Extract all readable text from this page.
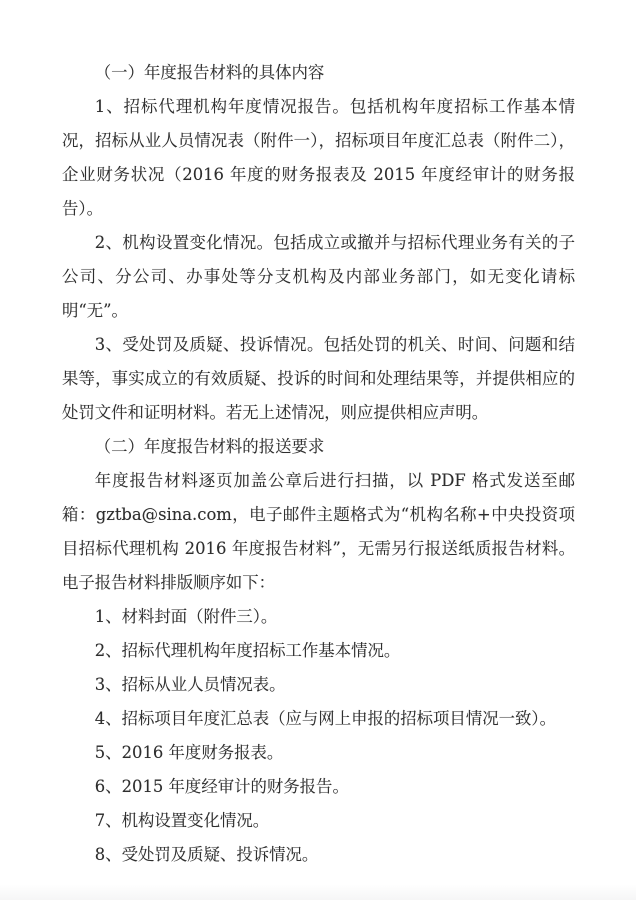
（一）年度报告材料的具体内容

1、招标代理机构年度情况报告。包括机构年度招标工作基本情况，招标从业人员情况表（附件一），招标项目年度汇总表（附件二），企业财务状况（2016 年度的财务报表及 2015 年度经审计的财务报告）。

2、机构设置变化情况。包括成立或撤并与招标代理业务有关的子公司、分公司、办事处等分支机构及内部业务部门，如无变化请标明“无”。

3、受处罚及质疑、投诉情况。包括处罚的机关、时间、问题和结果等，事实成立的有效质疑、投诉的时间和处理结果等，并提供相应的处罚文件和证明材料。若无上述情况，则应提供相应声明。

（二）年度报告材料的报送要求

年度报告材料逐页加盖公章后进行扫描，以 PDF 格式发送至邮箱：gztba@sina.com，电子邮件主题格式为“机构名称+中央投资项目招标代理机构 2016 年度报告材料”，无需另行报送纸质报告材料。电子报告材料排版顺序如下：

1、材料封面（附件三）。

2、招标代理机构年度招标工作基本情况。

3、招标从业人员情况表。

4、招标项目年度汇总表（应与网上申报的招标项目情况一致）。

5、2016 年度财务报表。

6、2015 年度经审计的财务报告。

7、机构设置变化情况。

8、受处罚及质疑、投诉情况。
